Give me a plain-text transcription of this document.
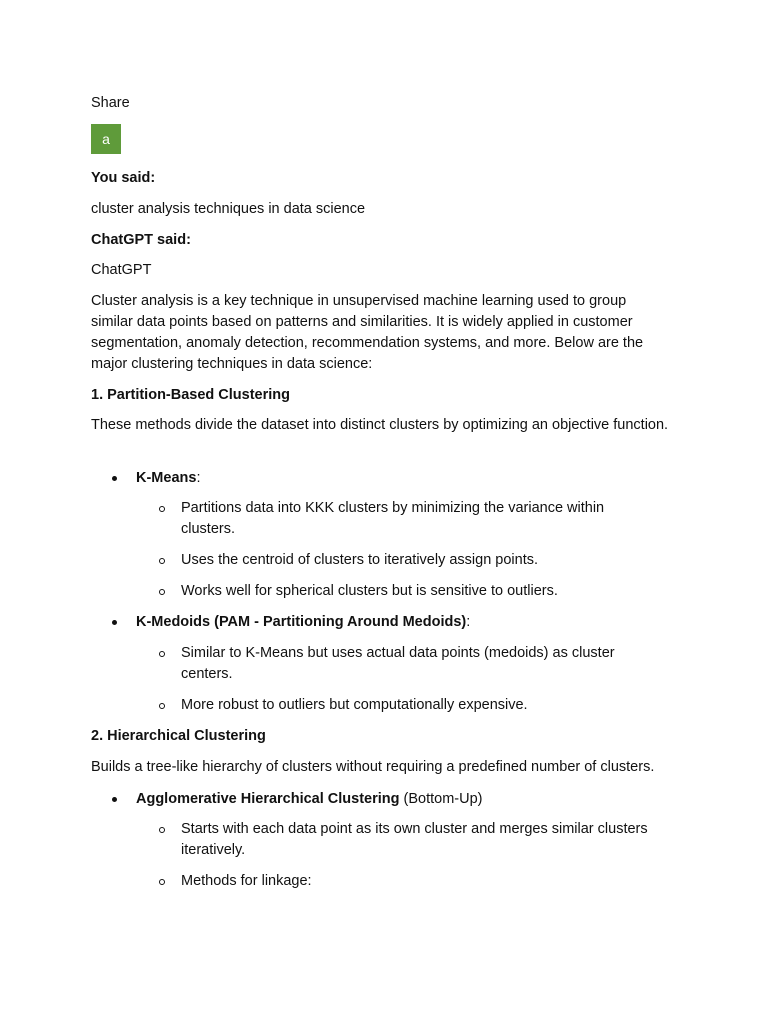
Share
a
You said:
cluster analysis techniques in data science
ChatGPT said:
ChatGPT
Cluster analysis is a key technique in unsupervised machine learning used to group similar data points based on patterns and similarities. It is widely applied in customer segmentation, anomaly detection, recommendation systems, and more. Below are the major clustering techniques in data science:
1. Partition-Based Clustering
These methods divide the dataset into distinct clusters by optimizing an objective function.
K-Means:
Partitions data into KKK clusters by minimizing the variance within clusters.
Uses the centroid of clusters to iteratively assign points.
Works well for spherical clusters but is sensitive to outliers.
K-Medoids (PAM - Partitioning Around Medoids):
Similar to K-Means but uses actual data points (medoids) as cluster centers.
More robust to outliers but computationally expensive.
2. Hierarchical Clustering
Builds a tree-like hierarchy of clusters without requiring a predefined number of clusters.
Agglomerative Hierarchical Clustering (Bottom-Up)
Starts with each data point as its own cluster and merges similar clusters iteratively.
Methods for linkage:
